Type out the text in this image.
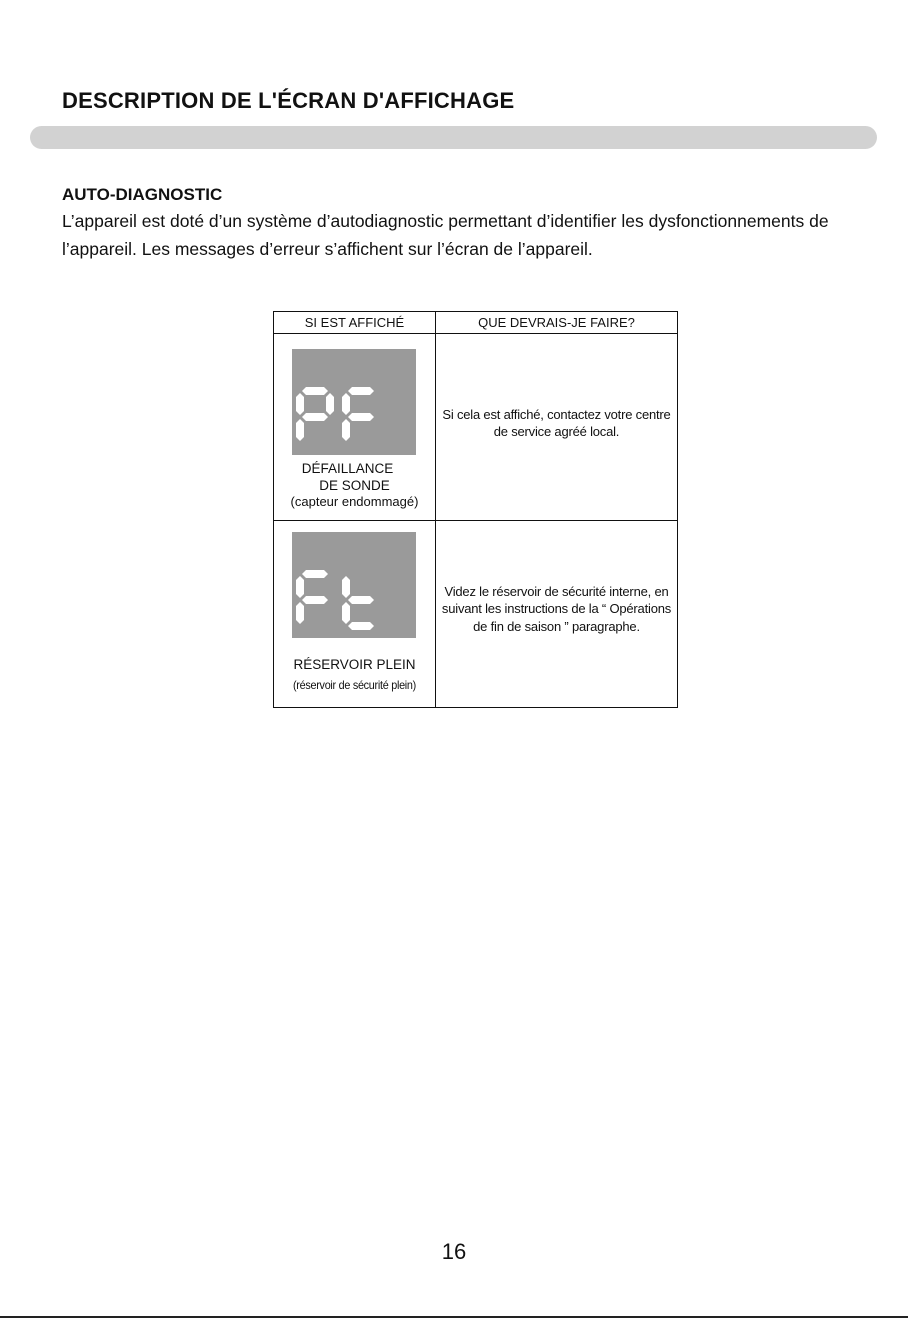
DESCRIPTION DE L'ÉCRAN D'AFFICHAGE
AUTO-DIAGNOSTIC

L’appareil est doté d’un système d’autodiagnostic permettant d’identifier les dysfonctionnements de l’appareil. Les messages d’erreur s’affichent sur l’écran de l’appareil.

SI EST AFFICHÉ	QUE DEVRAIS-JE FAIRE?

DÉFAILLANCE
DE SONDE
(capteur endommagé)	Si cela est affiché, contactez votre centre de service agréé local.

RÉSERVOIR PLEIN
(réservoir de sécurité plein)	Videz le réservoir de sécurité interne, en suivant les instructions de la “ Opérations de fin de saison ” paragraphe.
16
